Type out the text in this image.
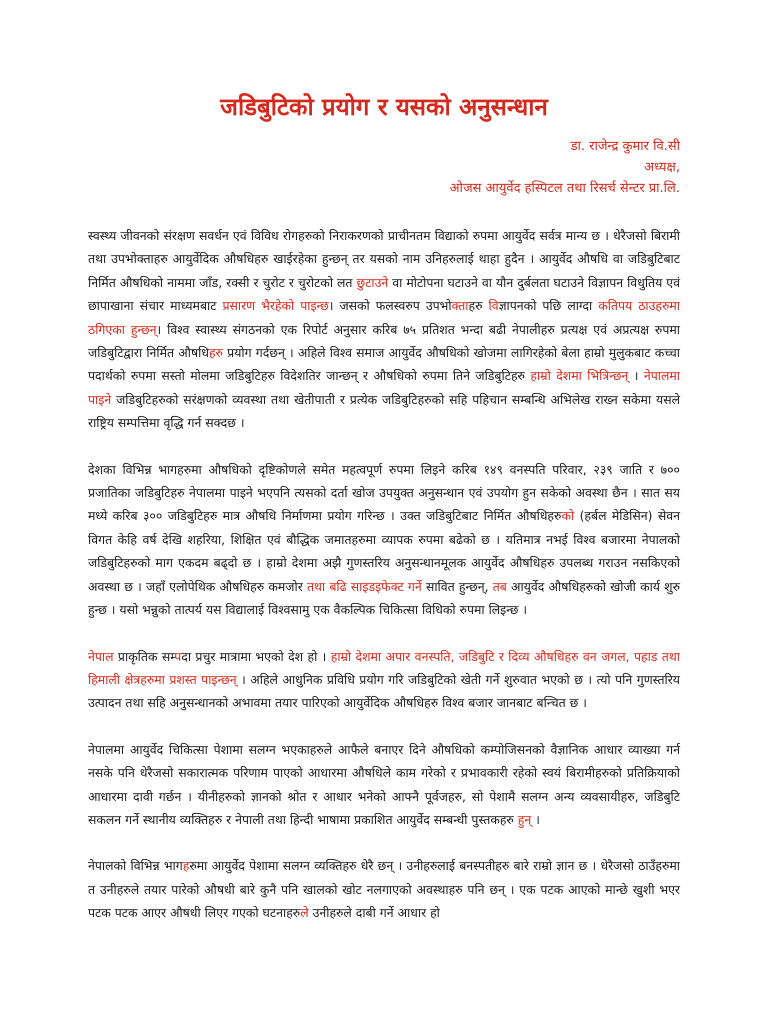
जडिबुटिको प्रयोग र यसको अनुसन्धान
डा. राजेन्द्र कुमार वि.सी
अध्यक्ष,
ओजस आयुर्वेद हस्पिटल तथा रिसर्च सेन्टर प्रा.लि.

स्वस्थ्य जीवनको संरक्षण सवर्धन एवं विविध रोगहरुको निराकरणको प्राचीनतम विद्याको रुपमा आयुर्वेद सर्वत्र मान्य छ । धेरैजसो बिरामी तथा उपभोक्ताहरु आयुर्वेदिक औषधिहरु खाईरहेका हुन्छन् तर यसको नाम उनिहरुलाई थाहा हुदैन । आयुर्वेद औषधि वा जडिबुटिबाट निर्मित औषधिको नाममा जाँड, रक्सी र चुरोट र चुरोटको लत छुटाउने वा मोटोपना घटाउने वा यौन दुर्बलता घटाउने विज्ञापन विधुतिय एवं छापाखाना संचार माध्यमबाट प्रसारण भैरहेको पाइन्छ। जसको फलस्वरुप उपभोक्ताहरु विज्ञापनको पछि लाग्दा कतिपय ठाउहरुमा ठगिएका हुन्छन्। विश्व स्वास्थ्य संगठनको एक रिपोर्ट अनुसार करिब ७५ प्रतिशत भन्दा बढी नेपालीहरु प्रत्यक्ष एवं अप्रत्यक्ष रुपमा जडिबुटिद्वारा निर्मित औषधिहरु प्रयोग गर्दछन् । अहिले विश्व समाज आयुर्वेद औषधिको खोजमा लागिरहेको बेला हाम्रो मुलुकबाट कच्चा पदार्थको रुपमा सस्तो मोलमा जडिबुटिहरु विदेशतिर जान्छन् र औषधिको रुपमा तिने जडिबुटिहरु हाम्रो देशमा भित्रिन्छन् । नेपालमा पाइने जडिबुटिहरुको सरंक्षणको व्यवस्था तथा खेतीपाती र प्रत्येक जडिबुटिहरुको सहि पहिचान सम्बन्धि अभिलेख राख्न सकेमा यसले राष्ट्रिय सम्पत्तिमा वृद्धि गर्न सक्दछ ।

देशका विभिन्न भागहरुमा औषधिको दृष्टिकोणले समेत महत्वपूर्ण रुपमा लिइने करिब १४९ वनस्पति परिवार, २३९ जाति र ७०० प्रजातिका जडिबुटिहरु नेपालमा पाइने भएपनि त्यसको दर्ता खोज उपयुक्त अनुसन्धान एवं उपयोग हुन सकेको अवस्था छैन । सात सय मध्ये करिब ३०० जडिबुटिहरु मात्र औषधि निर्माणमा प्रयोग गरिन्छ । उक्त जडिबुटिबाट निर्मित औषधिहरुको (हर्बल मेडिसिन) सेवन विगत केहि वर्ष देखि शहरिया, शिक्षित एवं बौद्धिक जमातहरुमा व्यापक रुपमा बढेको छ । यतिमात्र नभई विश्व बजारमा नेपालको जडिबुटिहरुको माग एकदम बढ्दो छ । हाम्रो देशमा अझै गुणस्तरिय अनुसन्धानमूलक आयुर्वेद औषधिहरु उपलब्ध गराउन नसकिएको अवस्था छ । जहाँ एलोपेथिक औषधिहरु कमजोर तथा बढि साइडइफेक्ट गर्ने सावित हुन्छन्, तब आयुर्वेद औषधिहरुको खोजी कार्य शुरु हुन्छ । यसो भन्नुको तात्पर्य यस विद्यालाई विश्वसामु एक वैकल्पिक चिकित्सा विधिको रुपमा लिइन्छ ।

नेपाल प्राकृतिक सम्पदा प्रचुर मात्रामा भएको देश हो । हाम्रो देशमा अपार वनस्पति, जडिबुटि र दिव्य औषधिहरु वन जगल, पहाड तथा हिमाली क्षेत्रहरुमा प्रशस्त पाइन्छन् । अहिले आधुनिक प्रविधि प्रयोग गरि जडिबुटिको खेती गर्ने शुरुवात भएको छ । त्यो पनि गुणस्तरिय उत्पादन तथा सहि अनुसन्धानको अभावमा तयार पारिएको आयुर्वेदिक औषधिहरु विश्व बजार जानबाट बन्चित छ ।

नेपालमा आयुर्वेद चिकित्सा पेशामा सलग्न भएकाहरुले आफैले बनाएर दिने औषधिको कम्पोजिसनको वैज्ञानिक आधार व्याख्या गर्न नसके पनि धेरैजसो सकारात्मक परिणाम पाएको आधारमा औषधिले काम गरेको र प्रभावकारी रहेको स्वयं बिरामीहरुको प्रतिक्रियाको आधारमा दावी गर्छन । यीनीहरुको ज्ञानको श्रोत र आधार भनेको आफ्नै पूर्वजहरु, सो पेशामै सलग्न अन्य व्यवसायीहरु, जडिबुटि सकलन गर्ने स्थानीय व्यक्तिहरु र नेपाली तथा हिन्दी भाषामा प्रकाशित आयुर्वेद सम्बन्धी पुस्तकहरु हुन् ।

नेपालको विभिन्न भागहरुमा आयुर्वेद पेशामा सलग्न व्यक्तिहरु धेरै छन् । उनीहरुलाई बनस्पतीहरु बारे राम्रो ज्ञान छ । धेरैजसो ठाउँहरुमा त उनीहरुले तयार पारेको औषधी बारे कुनै पनि खालको खोट नलगाएको अवस्थाहरु पनि छन् । एक पटक आएको मान्छे खुशी भएर पटक पटक आएर औषधी लिएर गएको घटनाहरुले उनीहरुले दाबी गर्ने आधार हो
